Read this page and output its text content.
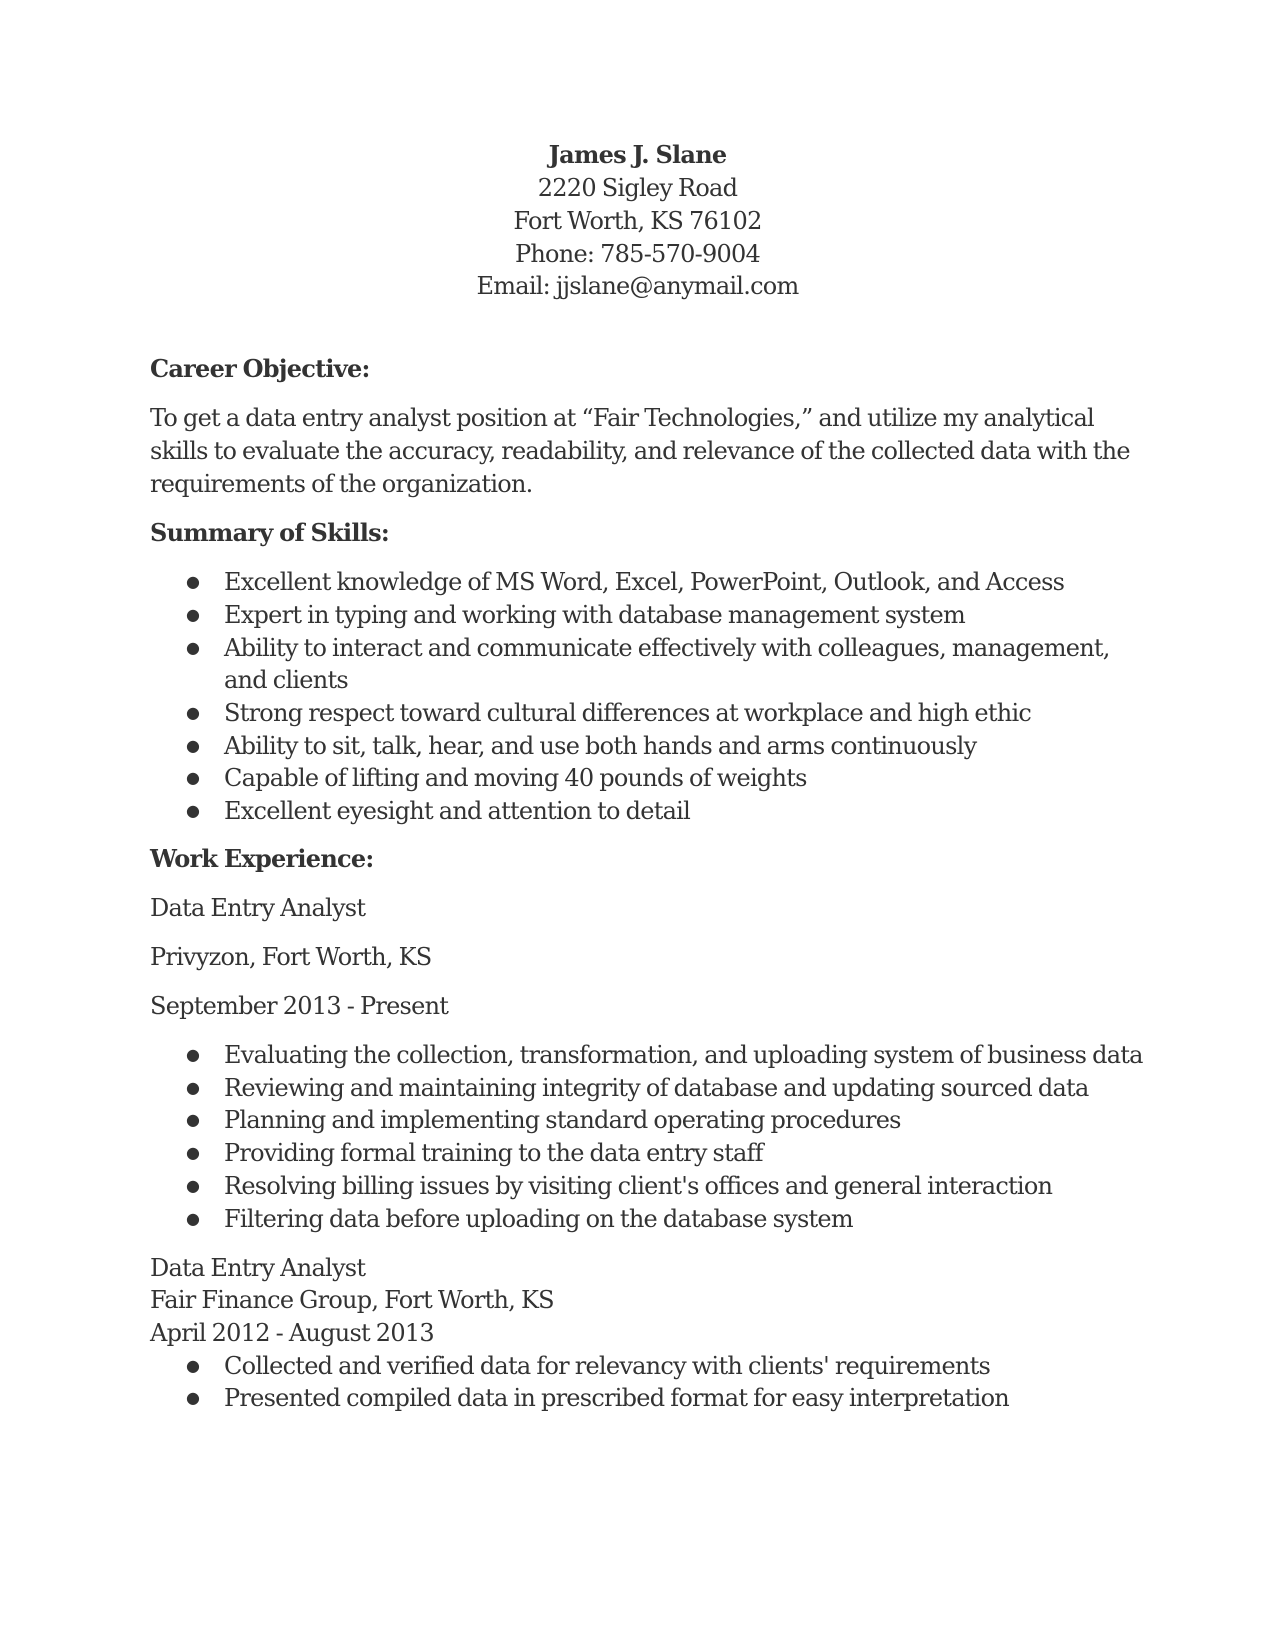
James J. Slane
2220 Sigley Road
Fort Worth, KS 76102
Phone: 785-570-9004
Email: jjslane@anymail.com
Career Objective:
To get a data entry analyst position at “Fair Technologies,” and utilize my analytical
skills to evaluate the accuracy, readability, and relevance of the collected data with the
requirements of the organization.
Summary of Skills:
● Excellent knowledge of MS Word, Excel, PowerPoint, Outlook, and Access
● Expert in typing and working with database management system
● Ability to interact and communicate effectively with colleagues, management,
and clients
● Strong respect toward cultural differences at workplace and high ethic
● Ability to sit, talk, hear, and use both hands and arms continuously
● Capable of lifting and moving 40 pounds of weights
● Excellent eyesight and attention to detail
Work Experience:
Data Entry Analyst
Privyzon, Fort Worth, KS
September 2013 - Present
● Evaluating the collection, transformation, and uploading system of business data
● Reviewing and maintaining integrity of database and updating sourced data
● Planning and implementing standard operating procedures
● Providing formal training to the data entry staff
● Resolving billing issues by visiting client's offices and general interaction
● Filtering data before uploading on the database system
Data Entry Analyst
Fair Finance Group, Fort Worth, KS
April 2012 - August 2013
● Collected and verified data for relevancy with clients' requirements
● Presented compiled data in prescribed format for easy interpretation
